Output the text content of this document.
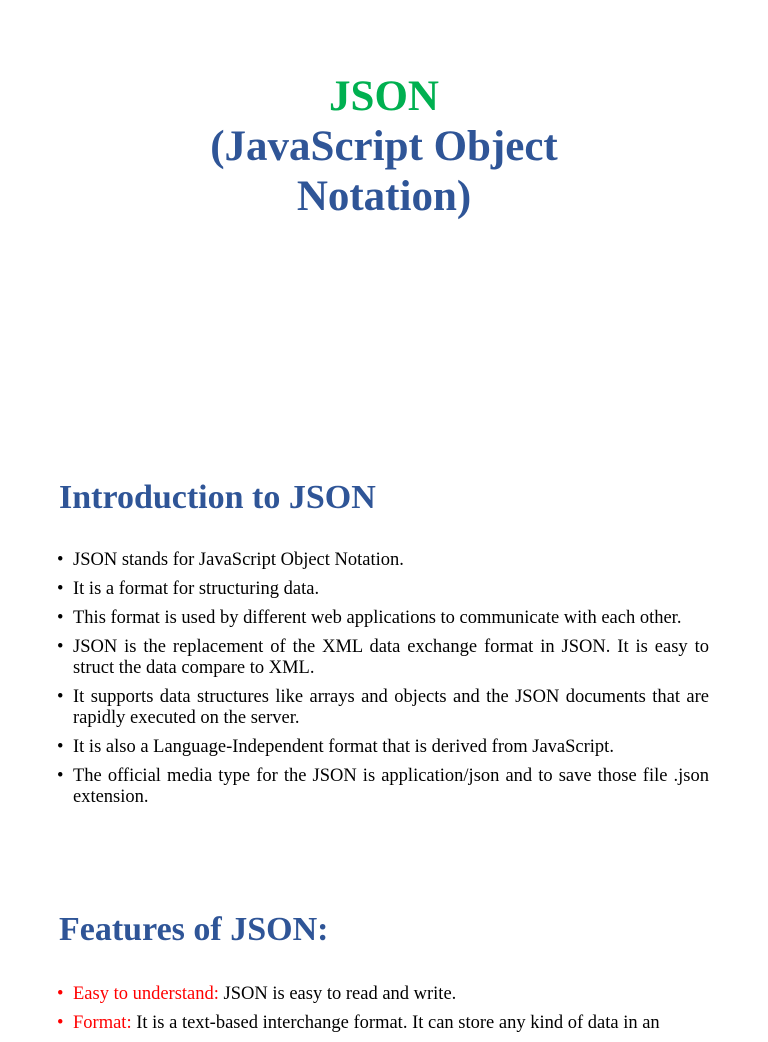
JSON
(JavaScript Object
Notation)
Introduction to JSON
• JSON stands for JavaScript Object Notation.
• It is a format for structuring data.
• This format is used by different web applications to communicate with each other.
• JSON is the replacement of the XML data exchange format in JSON. It is easy to struct the data compare to XML.
• It supports data structures like arrays and objects and the JSON documents that are rapidly executed on the server.
• It is also a Language-Independent format that is derived from JavaScript.
• The official media type for the JSON is application/json and to save those file .json extension.
Features of JSON:
• Easy to understand: JSON is easy to read and write.
• Format: It is a text-based interchange format. It can store any kind of data in an
